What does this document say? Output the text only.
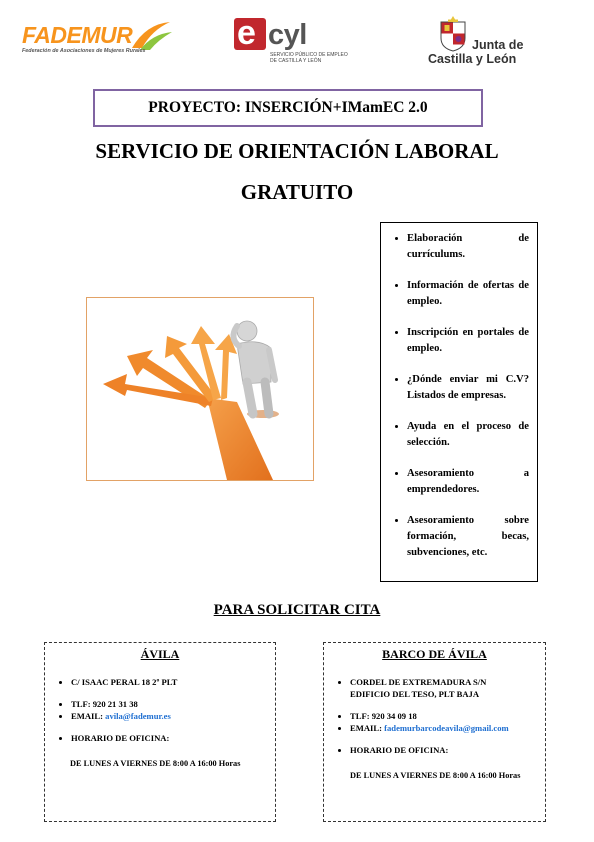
FADEMUR
Federación de Asociaciones de Mujeres Rurales	e cyl
SERVICIO PÚBLICO DE EMPLEO
DE CASTILLA Y LEÓN
Junta de
Castilla y León
PROYECTO: INSERCIÓN+IMamEC 2.0
SERVICIO DE ORIENTACIÓN LABORAL
GRATUITO
• Elaboración de currículums.
• Información de ofertas de empleo.
• Inscripción en portales de empleo.
• ¿Dónde enviar mi C.V? Listados de empresas.
• Ayuda en el proceso de selección.
• Asesoramiento a emprendedores.
• Asesoramiento sobre formación, becas, subvenciones, etc.
PARA SOLICITAR CITA
ÁVILA
• C/ ISAAC PERAL 18 2º PLT
• TLF: 920 21 31 38
• EMAIL: avila@fademur.es
• HORARIO DE OFICINA:
DE LUNES A VIERNES DE 8:00 A 16:00 Horas
BARCO DE ÁVILA
• CORDEL DE EXTREMADURA S/N
EDIFICIO DEL TESO, PLT BAJA
• TLF: 920 34 09 18
• EMAIL: fademurbarcodeavila@gmail.com
• HORARIO DE OFICINA:
DE LUNES A VIERNES DE 8:00 A 16:00 Horas
